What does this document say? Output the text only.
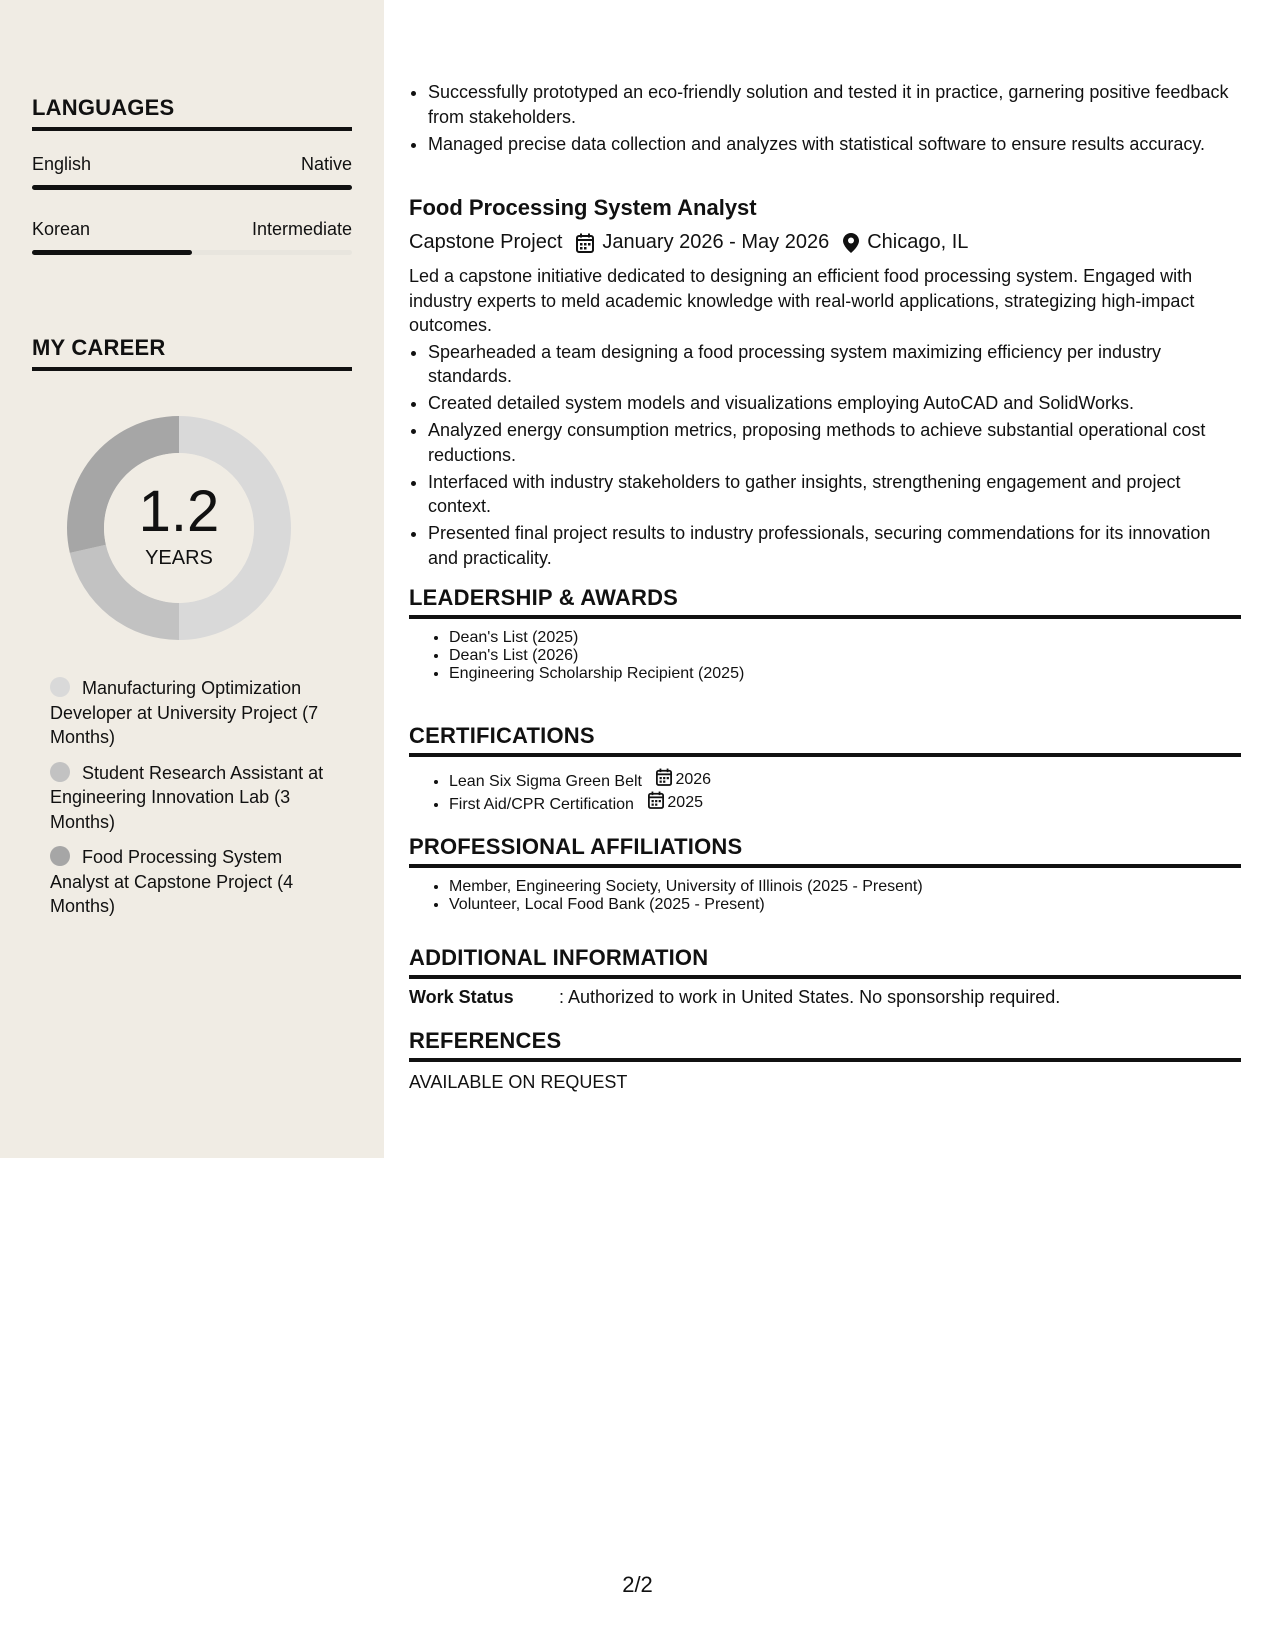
LANGUAGES
English	Native
Korean	Intermediate
MY CAREER
1.2
YEARS
Manufacturing Optimization Developer at University Project (7 Months)
Student Research Assistant at Engineering Innovation Lab (3 Months)
Food Processing System Analyst at Capstone Project (4 Months)
• Successfully prototyped an eco-friendly solution and tested it in practice, garnering positive feedback from stakeholders.
• Managed precise data collection and analyzes with statistical software to ensure results accuracy.
Food Processing System Analyst
Capstone Project January 2026 - May 2026 Chicago, IL
Led a capstone initiative dedicated to designing an efficient food processing system. Engaged with industry experts to meld academic knowledge with real-world applications, strategizing high-impact outcomes.
• Spearheaded a team designing a food processing system maximizing efficiency per industry standards.
• Created detailed system models and visualizations employing AutoCAD and SolidWorks.
• Analyzed energy consumption metrics, proposing methods to achieve substantial operational cost reductions.
• Interfaced with industry stakeholders to gather insights, strengthening engagement and project context.
• Presented final project results to industry professionals, securing commendations for its innovation and practicality.
LEADERSHIP & AWARDS
• Dean's List (2025)
• Dean's List (2026)
• Engineering Scholarship Recipient (2025)
CERTIFICATIONS
• Lean Six Sigma Green Belt 2026
• First Aid/CPR Certification 2025
PROFESSIONAL AFFILIATIONS
• Member, Engineering Society, University of Illinois (2025 - Present)
• Volunteer, Local Food Bank (2025 - Present)
ADDITIONAL INFORMATION
Work Status	: Authorized to work in United States. No sponsorship required.
REFERENCES
AVAILABLE ON REQUEST
2/2
